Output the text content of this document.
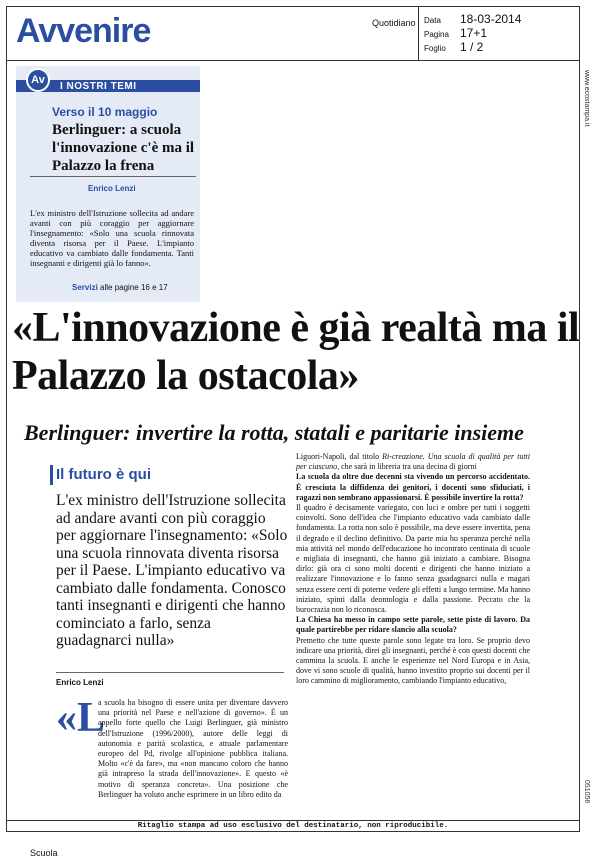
Avvenire	Quotidiano Data	18-03-2014
Pagina 17+1
Foglio	1 / 2
www.ecostampa.it
051056
Av
I NOSTRI TEMI
Verso il 10 maggio
Berlinguer: a scuola l'innovazione c'è ma il Palazzo la frena
Enrico Lenzi
L'ex ministro dell'Istruzione sollecita ad andare avanti con più coraggio per aggiornare l'insegnamento: «Solo una scuola rinnovata diventa risorsa per il Paese. L'impianto educativo va cambiato dalle fondamenta. Tanti insegnanti e dirigenti già lo fanno».
Servizi alle pagine 16 e 17
«L'innovazione è già realtà ma il Palazzo la ostacola»
Berlinguer: invertire la rotta, statali e paritarie insieme
Il futuro è qui
L'ex ministro dell'Istruzione sollecita ad andare avanti con più coraggio per aggiornare l'insegnamento: «Solo una scuola rinnovata diventa risorsa per il Paese. L'impianto educativo va cambiato dalle fondamenta. Conosco tanti insegnanti e dirigenti che hanno cominciato a farlo, senza guadagnarci nulla»
Enrico Lenzi
«L
a scuola ha bisogno di essere unita per diventare davvero una priorità nel Paese e nell'azione di governo». È un appello forte quello che Luigi Berlinguer, già ministro dell'Istruzione (1996/2000), autore delle leggi di autonomia e parità scolastica, e attuale parlamentare europeo del Pd, rivolge all'opinione pubblica italiana. Molto «c'è da fare», ma «non mancano coloro che hanno già intrapreso la strada dell'innovazione». E questo «è motivo di speranza concreta». Una posizione che Berlinguer ha voluto anche esprimere in un libro edito da

Liguori-Napoli, dal titolo Ri-creazione. Una scuola di qualità per tutti per ciascuno, che sarà in libreria tra una decina di giorni

La scuola da oltre due decenni sta vivendo un percorso accidentato. È cresciuta la diffidenza dei genitori, i docenti sono sfiduciati, i ragazzi non sembrano appassionarsi. È possibile invertire la rotta?

Il quadro è decisamente variegato, con luci e ombre per tutti i soggetti coinvolti. Sono dell'idea che l'impianto educativo vada cambiato dalle fondamenta. La rotta non solo è possibile, ma deve essere invertita, pena il degrado e il declino definitivo. Da parte mia ho speranza perché nella mia attività nel mondo dell'educazione ho incontrato centinaia di scuole e migliaia di insegnanti, che hanno già iniziato a cambiare. Bisogna dirlo: già ora ci sono molti docenti e dirigenti che hanno iniziato a realizzare l'innovazione e lo fanno senza guadagnarci nulla e magari senza essere certi di poterne vedere gli effetti a lungo termine. Ma hanno iniziato, spinti dalla deontologia e dalla passione. Peccato che la burocrazia non lo riconosca.

La Chiesa ha messo in campo sette parole, sette piste di lavoro. Da quale partirebbe per ridare slancio alla scuola?

Premetto che tutte queste parole sono legate tra loro. Se proprio devo indicare una priorità, direi gli insegnanti, perché è con questi docenti che cammina la scuola. E anche le esperienze nel Nord Europa e in Asia, dove vi sono scuole di qualità, hanno investito proprio sui docenti per il loro cammino di miglioramento, cambiando l'impianto educativo,

Ritaglio stampa ad uso esclusivo del destinatario, non riproducibile.
Scuola
